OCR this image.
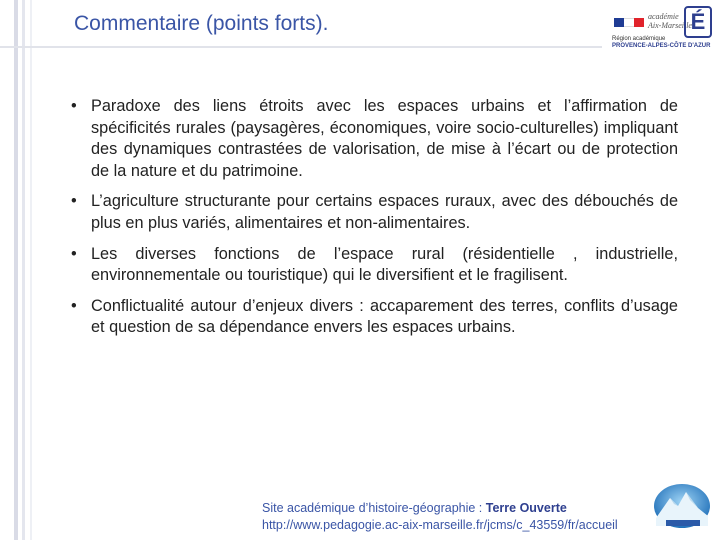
Commentaire (points forts).	académie
Aix-Marseille
É
Région académique
PROVENCE-ALPES-CÔTE D'AZUR
• Paradoxe des liens étroits avec les espaces urbains et l’affirmation de spécificités rurales (paysagères, économiques, voire socio-culturelles) impliquant des dynamiques contrastées de valorisation, de mise à l’écart ou de protection de la nature et du patrimoine.
• L’agriculture structurante pour certains espaces ruraux, avec des débouchés de plus en plus variés, alimentaires et non-alimentaires.
• Les diverses fonctions de l’espace rural (résidentielle , industrielle, environnementale ou touristique) qui le diversifient et le fragilisent.
• Conflictualité autour d’enjeux divers : accaparement des terres, conflits d’usage et question de sa dépendance envers les espaces urbains.
Site académique d’histoire-géographie : Terre Ouverte
http://www.pedagogie.ac-aix-marseille.fr/jcms/c_43559/fr/accueil
